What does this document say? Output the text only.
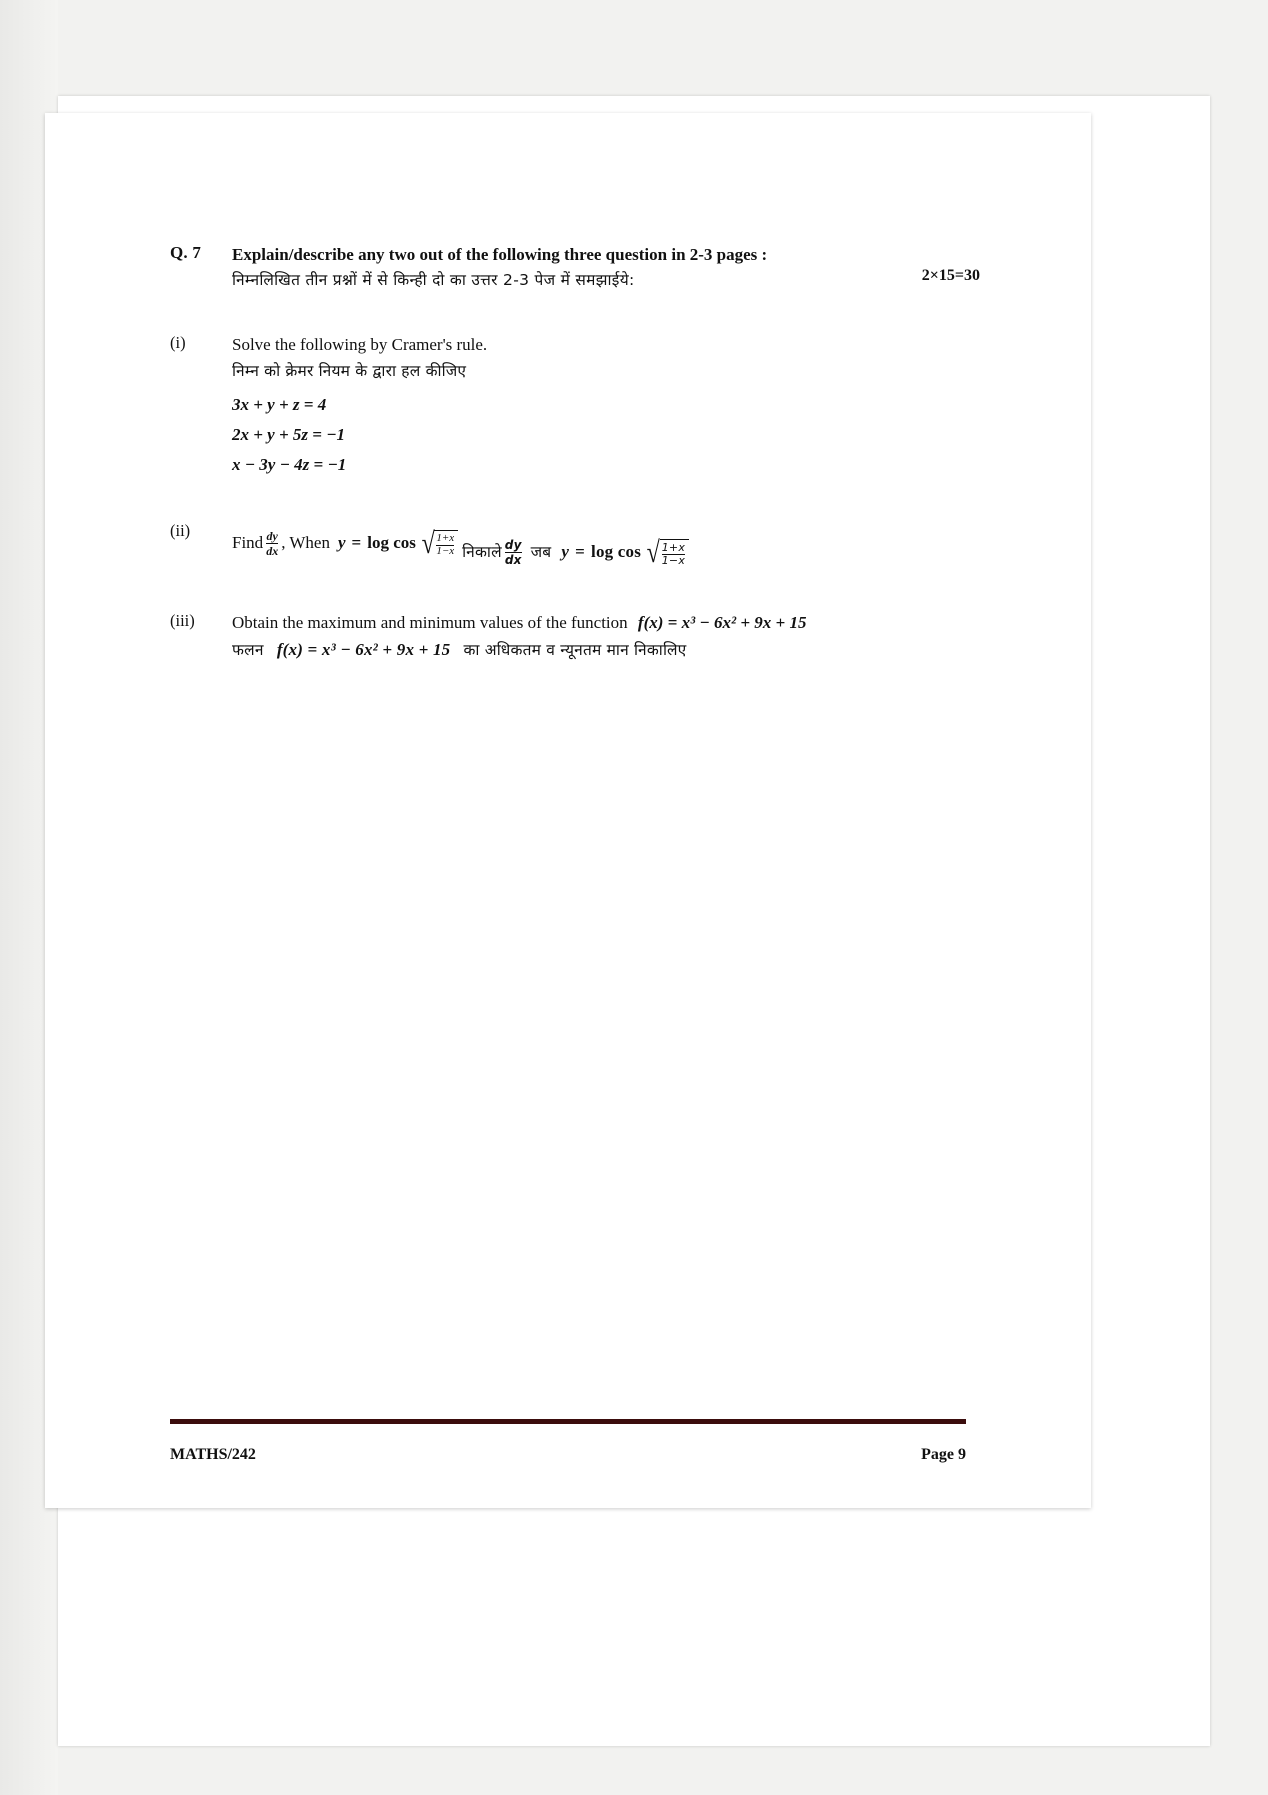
Q. 7	Explain/describe any two out of the following three question in 2-3 pages :
निम्नलिखित तीन प्रश्नों में से किन्ही दो का उत्तर 2-3 पेज में समझाईये:	2×15=30
(i)	Solve the following by Cramer's rule.
निम्न को क्रेमर नियम के द्वारा हल कीजिए
3x + y + z = 4
2x + y + 5z = −1
x − 3y − 4z = −1
(ii)
Find $\frac{dy}{dx}$ , When y = log cos √ $\frac{1+x}{1-x}$
निकाले $\frac{dy}{dx}$ जब y = log cos √ $\frac{1+x}{1-x}$
(iii)	Obtain the maximum and minimum values of the function f(x) = x³ − 6x² + 9x + 15
फलन f(x) = x³ − 6x² + 9x + 15 का अधिकतम व न्यूनतम मान निकालिए
MATHS/242	Page 9
